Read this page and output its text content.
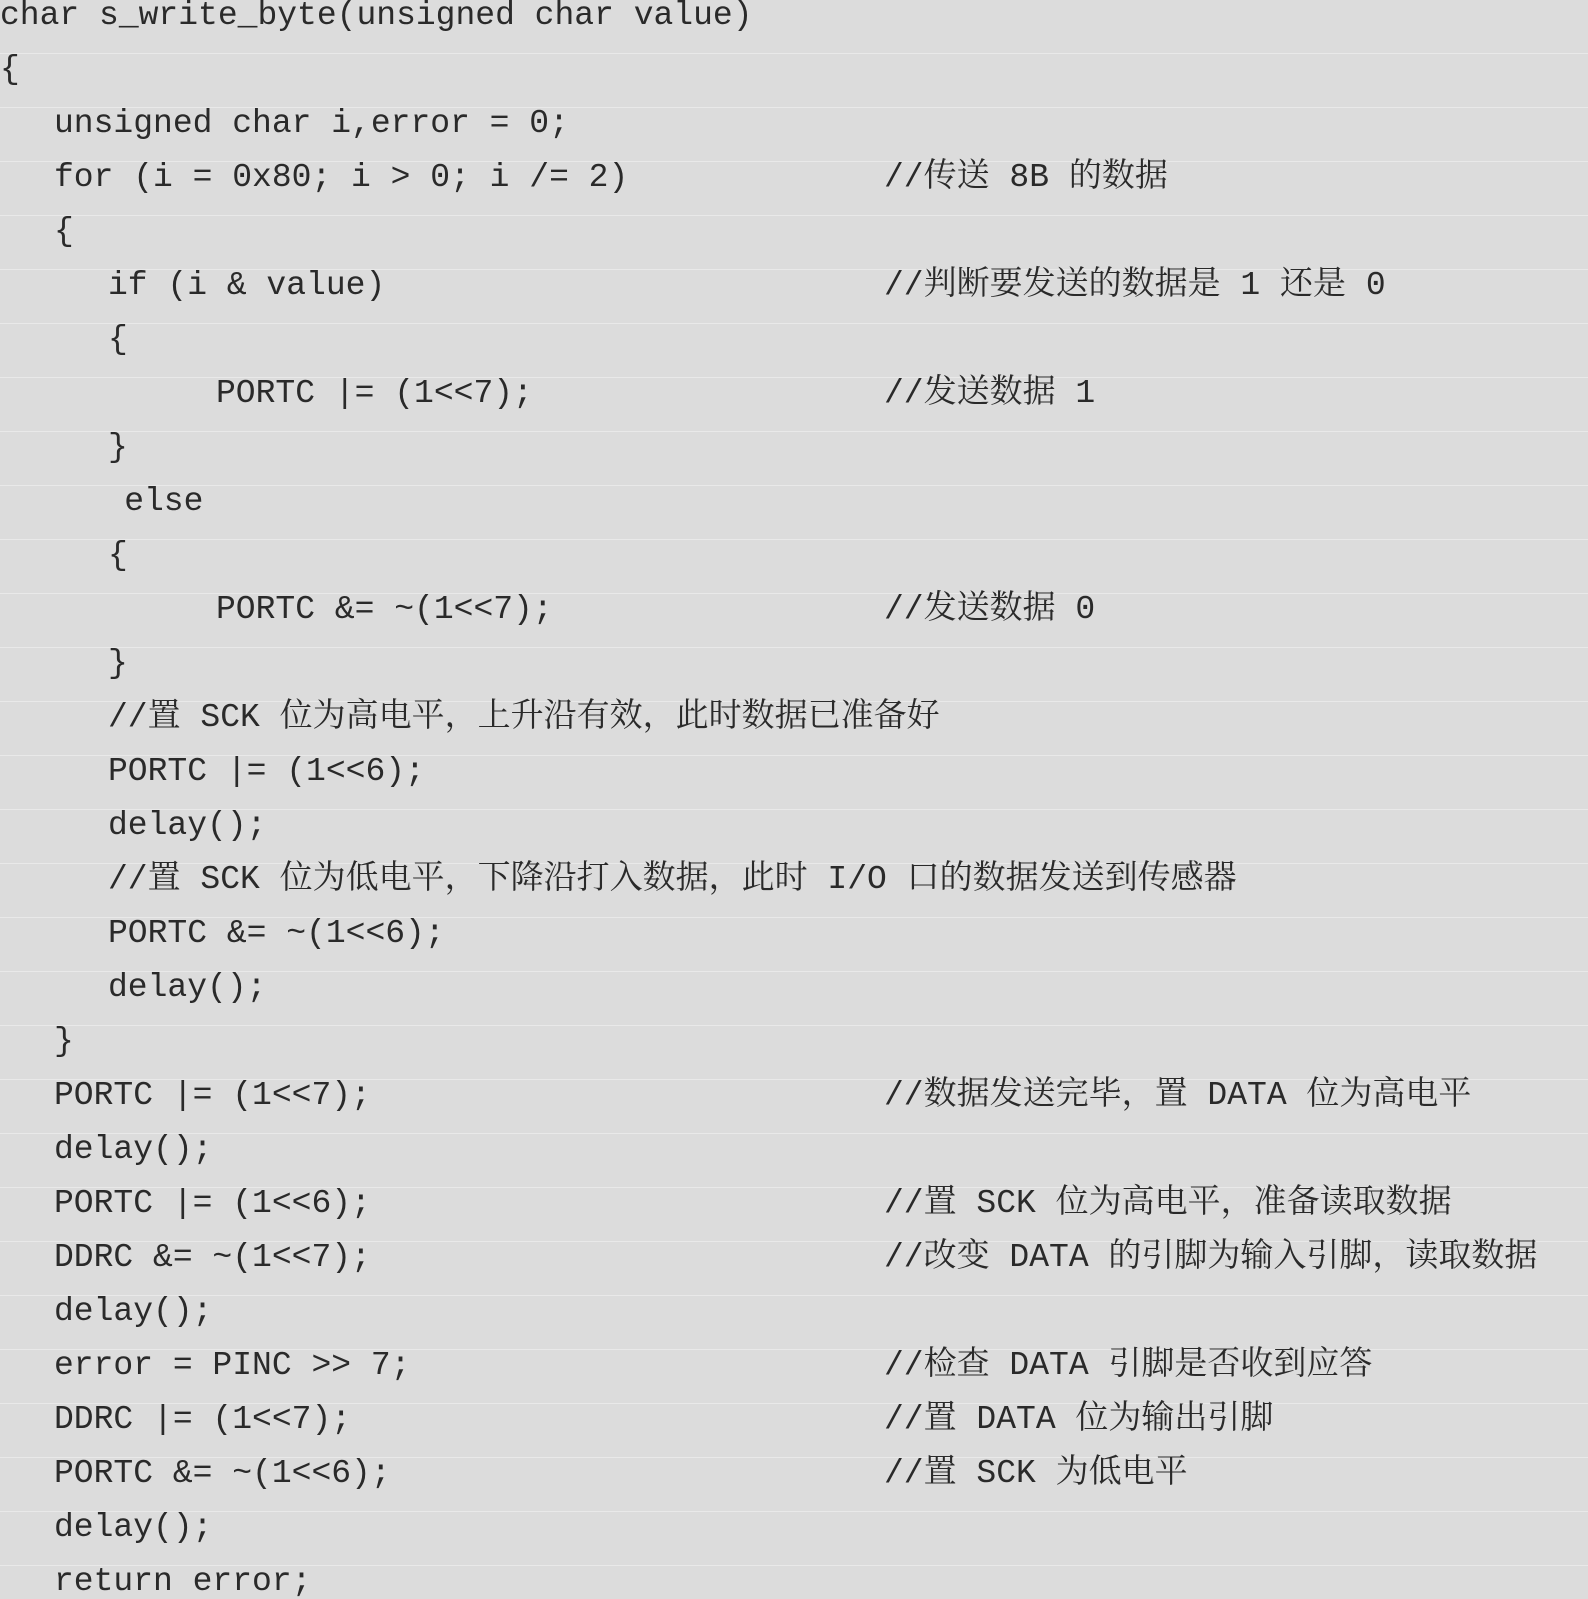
char s_write_byte(unsigned char value)
{
unsigned char i,error = 0;
for (i = 0x80; i > 0; i /= 2)	//传送 8B 的数据
{
if (i & value)	//判断要发送的数据是 1 还是 0
{
PORTC |= (1<<7);	//发送数据 1
}
else
{
PORTC &= ~(1<<7);	//发送数据 0
}
//置 SCK 位为高电平，上升沿有效，此时数据已准备好
PORTC |= (1<<6);
delay();
//置 SCK 位为低电平，下降沿打入数据，此时 I/O 口的数据发送到传感器
PORTC &= ~(1<<6);
delay();
}
PORTC |= (1<<7);	//数据发送完毕，置 DATA 位为高电平
delay();
PORTC |= (1<<6);	//置 SCK 位为高电平，准备读取数据
DDRC &= ~(1<<7);	//改变 DATA 的引脚为输入引脚，读取数据
delay();
error = PINC >> 7;	//检查 DATA 引脚是否收到应答
DDRC |= (1<<7);	//置 DATA 位为输出引脚
PORTC &= ~(1<<6);	//置 SCK 为低电平
delay();
return error;
